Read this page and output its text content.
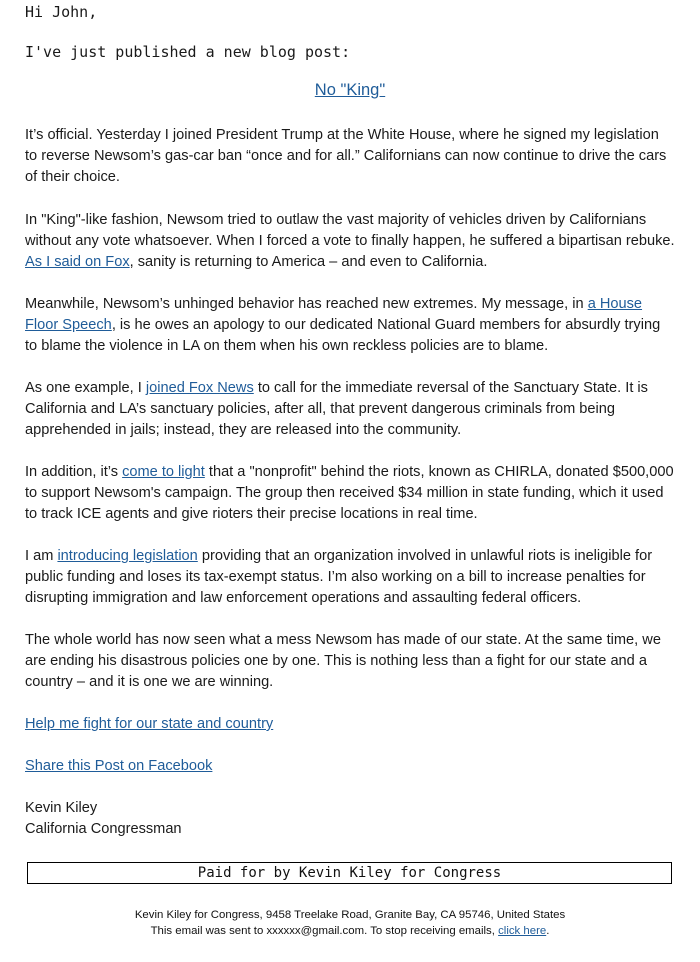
Hi John,
I've just published a new blog post:
No "King"

It’s official. Yesterday I joined President Trump at the White House, where he signed my legislation to reverse Newsom’s gas-car ban “once and for all.” Californians can now continue to drive the cars of their choice.

In "King"-like fashion, Newsom tried to outlaw the vast majority of vehicles driven by Californians without any vote whatsoever. When I forced a vote to finally happen, he suffered a bipartisan rebuke. As I said on Fox, sanity is returning to America – and even to California.

Meanwhile, Newsom’s unhinged behavior has reached new extremes. My message, in a House Floor Speech, is he owes an apology to our dedicated National Guard members for absurdly trying to blame the violence in LA on them when his own reckless policies are to blame.

As one example, I joined Fox News to call for the immediate reversal of the Sanctuary State. It is California and LA’s sanctuary policies, after all, that prevent dangerous criminals from being apprehended in jails; instead, they are released into the community.

In addition, it’s come to light that a "nonprofit" behind the riots, known as CHIRLA, donated $500,000 to support Newsom's campaign. The group then received $34 million in state funding, which it used to track ICE agents and give rioters their precise locations in real time.

I am introducing legislation providing that an organization involved in unlawful riots is ineligible for public funding and loses its tax-exempt status. I’m also working on a bill to increase penalties for disrupting immigration and law enforcement operations and assaulting federal officers.

The whole world has now seen what a mess Newsom has made of our state. At the same time, we are ending his disastrous policies one by one. This is nothing less than a fight for our state and a country – and it is one we are winning.

Help me fight for our state and country
Share this Post on Facebook
Kevin Kiley
California Congressman
Paid for by Kevin Kiley for Congress
Kevin Kiley for Congress, 9458 Treelake Road, Granite Bay, CA 95746, United States
This email was sent to xxxxxx@gmail.com. To stop receiving emails, click here.
